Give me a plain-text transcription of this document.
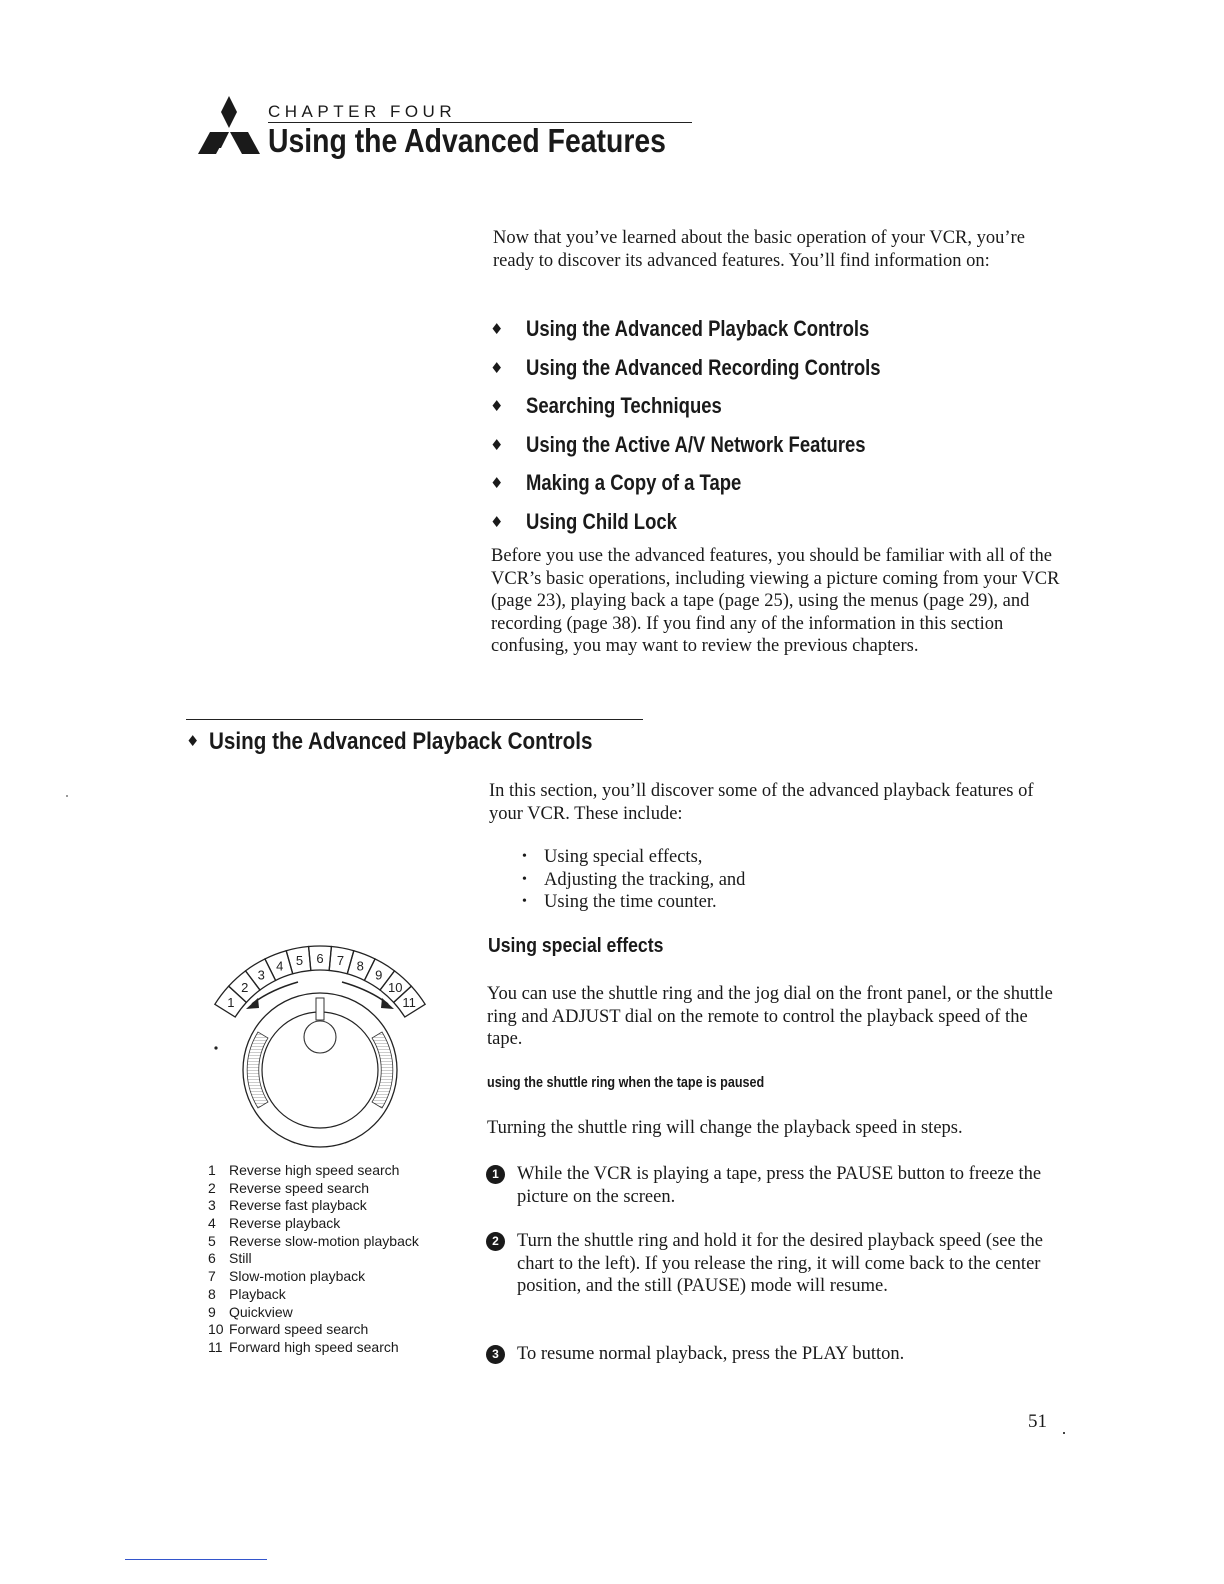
CHAPTER FOUR
Using the Advanced Features
Now that you’ve learned about the basic operation of your VCR, you’re ready to discover its advanced features. You’ll find information on:
♦ Using the Advanced Playback Controls
♦ Using the Advanced Recording Controls
♦ Searching Techniques
♦ Using the Active A/V Network Features
♦ Making a Copy of a Tape
♦ Using Child Lock
Before you use the advanced features, you should be familiar with all of the VCR’s basic operations, including viewing a picture coming from your VCR (page 23), playing back a tape (page 25), using the menus (page 29), and recording (page 38). If you find any of the information in this section confusing, you may want to review the previous chapters.
♦ Using the Advanced Playback Controls
In this section, you’ll discover some of the advanced playback features of your VCR. These include:
• Using special effects,
• Adjusting the tracking, and
• Using the time counter.
Using special effects
You can use the shuttle ring and the jog dial on the front panel, or the shuttle ring and ADJUST dial on the remote to control the playback speed of the tape.
using the shuttle ring when the tape is paused
Turning the shuttle ring will change the playback speed in steps.
1 While the VCR is playing a tape, press the PAUSE button to freeze the picture on the screen.
2 Turn the shuttle ring and hold it for the desired playback speed (see the chart to the left). If you release the ring, it will come back to the center position, and the still (PAUSE) mode will resume.
3 To resume normal playback, press the PLAY button.
1
2
3
4 5 6 7 8
9
10
11
1 Reverse high speed search
2 Reverse speed search
3 Reverse fast playback
4 Reverse playback
5 Reverse slow-motion playback
6 Still
7 Slow-motion playback
8 Playback
9 Quickview
10 Forward speed search
11 Forward high speed search
51
